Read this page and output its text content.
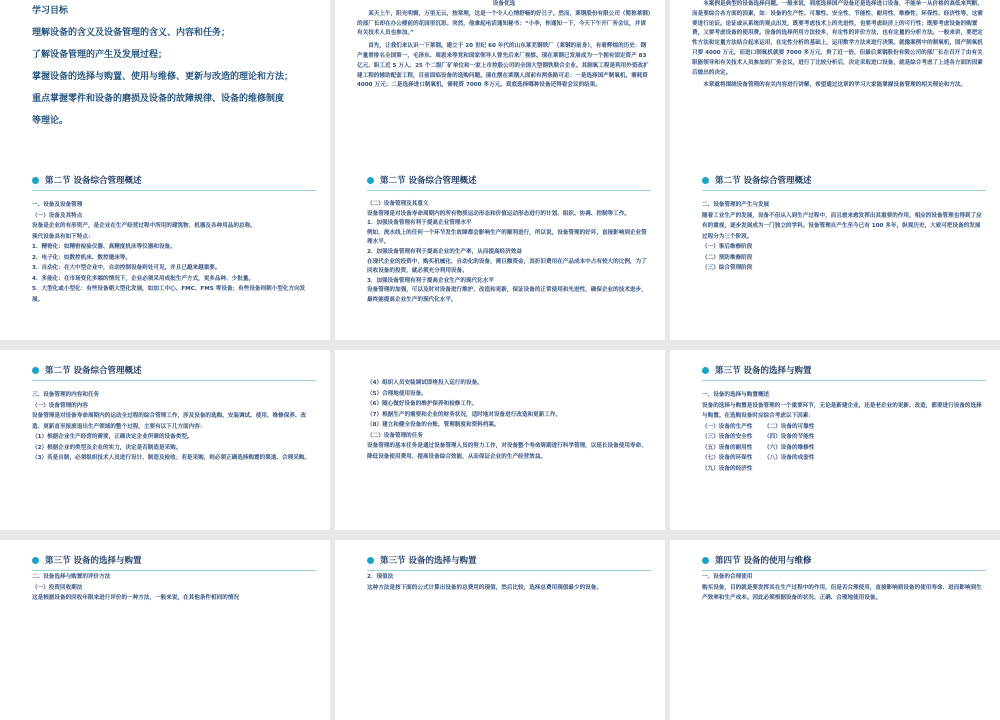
学习目标
理解设备的含义及设备管理的含义、内容和任务；
了解设备管理的产生及发展过程；
掌握设备的选择与购置、使用与维修、更新与改造的理论和方法；
重点掌握零件和设备的磨损及设备的故障规律、设备的维修制度
等理论。
设备优选

某天上午，阳光明媚，万里无云，按常理，这是一个令人心情舒畅的好日子。然而，莱钢股份有限公司（简称莱钢）的部厂长却在办公楼前的花园里沉思。突然，他拿起电话通知秘书：“小李，你通知一下，今天下午开厂务会议，并请有关技术人员也参加。”

首先，让我们来认识一下莱钢。建立于 20 世纪 60 年代的山东莱芜钢铁厂（莱钢的前身），有着辉煌的历史：钢产量曾排名全国第一，毛泽东、周恩来等党和国家领导人曾先后来厂视察。现在莱钢已发展成为一个拥有固定资产 83 亿元、职工近 5 万人、25 个二级厂矿单位和一家上市控股公司的全国大型钢铁联合企业。其制氧工程是利用外资改扩建工程的辅助配套工程，目前面临设备的选购问题。现在摆在莱钢人面前有两条路可走：一是选择国产制氧机，需耗资 4000 万元；二是选择进口制氧机，需耗资 7000 多万元。到底选择哪种设备还得看会议的结果。

本案例是典型的设备选择问题。一般来说，到底选择国产设备还是选择进口设备，不能单一从价格的高低来判断，而是要综合各方面的因素，如：设备的生产性、可靠性、安全性、节能性、耐用性、维修性、环保性、经济性等，这需要进行论证。论证或从系统的观点出发，既要考虑技术上的先进性，也要考虑经济上的可行性；既要考虑设备的购置费，又要考虑设备的使用费。设备的选择所用方法较多，有定性的评价方法，也有定量的分析方法。一般来讲，要把定性方法和定量方法结合起来运用，在定性分析的基础上，运用数学方法来进行决策。就像案例中的制氧机，国产制氧机只要 4000 万元，而进口制氧机就要 7000 多万元，贵了近一倍，但最后莱钢股份有限公司的部厂长在召开了由有关职能领导和有关技术人员参加的厂务会议，进行了比较分析后，决定采取进口设备，就是综合考虑了上述各方面的因素后做出的决定。

本章就将围绕设备管理的有关内容进行讲解，希望通过这章的学习大家能掌握设备管理的相关理论和方法。

第二节 设备综合管理概述
一、设备及设备管理
（一）设备及其特点
设备是企业的有形资产，是企业在生产经营过程中所用的建筑物、机器及各种用品的总称。
现代设备具有如下特点：
1．精密化：如精密检验仪器、高精度机床等仪器和设备。
2．电子化：如数控机床、数控遗床等。
3．自动化：在大中型企业中，自动控制设备则处可见，并且已越来越重要。
4．多能化：在市场变化多端的情况下，企业必须采用成批生产方式，更多品种、少批量。
5．大型化或小型化：有些设备朝大型化发展，如加工中心、FMC、FMS 等设备；有些设备则朝小型化方向发展。
第二节 设备综合管理概述
（二）设备管理及其意义
设备管理是对设备寿命周期内的所有物质运动形态和价值运动形态进行的计划、组织、协调、控制等工作。
1．加强设备管理有利于提高企业管理水平
例如，流水线上的任何一个环节发生故障都会影响生产的顺利进行，所以说，设备管理的好坏，直接影响到企业管理水平。
2．加强设备管理有利于提高企业的生产率，从而提高经济效益
在现代企业的投资中，购买机械化、自动化的设备，需巨额资金，其折旧费用在产品成本中占有较大的比例，为了回收设备的投资，就必须充分利用设备。
3．加强设备管理有利于提高企业生产的现代化水平
设备管理的加强，可以及时对设备进行维护、改造和更新，保证设备的正常使用和先进性，确保企业的技术进步，最终能提高企业生产的现代化水平。
第二节 设备综合管理概述
二、设备管理的产生与发展
随着工业生产的发展，设备不但从入到生产过程中，而且愈来愈发挥出其重要的作用，相应的设备管理也得到了应有的重视，逐步发展成为一门独立的学科。设备管理自产生至今已有 100 多年，纵观历史，大致可把设备的发展过程分为三个阶段。
（一）事后维修阶段
（二）预防维修阶段
（三）综合管理阶段
第二节 设备综合管理概述
三、设备管理的内容和任务
（一）设备管理的内容
设备管理是对设备寿命周期内的运动全过程的综合管理工作，涉及设备的选购、安装调试、使用、维修保养、改造、更新直至报废退出生产领域的整个过程，主要有以下几方面内容：
（1）根据企业生产经营的需要，正确决定企业所需的设备类型。
（2）根据企业的类型及企业的实力，决定是否制造是采购。
（3）若是自制，必须组织技术人员进行设计、制造及检收；若是采购，则必须正确选择购置的渠道、合理采购。
（4）组织人员安装调试即将投入运行的设备。
（5）合理地使用设备。
（6）随心做好设备的维护保养和检修工作。
（7）根据生产的需要和企业的财务状况，适时地对设备进行改造和更新工作。
（8）建立和健全设备的台账、管理制度和资料档案。
（二）设备管理的任务
设备管理的基本任务是通过设备管理人员的努力工作，对设备整个寿命周期进行科学管理，以延长设备使用寿命、降低设备使用费用、提高设备综合效能，从而保证企业的生产经营效益。
第三节 设备的选择与购置
一、设备的选择与购置概述
设备的选择与购置是设备管理的一个重要环节，无论是新建企业，还是老企业的更新、改造，都要进行设备的选择与购置。在选购设备时应综合考虑以下因素：
（一）设备的生产性	（二）设备的可靠性
（三）设备的安全性	（四）设备的节能性
（五）设备的耐用性	（六）设备的维修性
（七）设备的环保性	（八）设备的成套性
（九）设备的经济性
第三节 设备的选择与购置
二、设备选择与购置的评价方法
（一）投资回收期法
这是根据设备的回收年限来进行评价的一种方法，一般来说，在其他条件相同的情况
第三节 设备的选择与购置
2．现值法
这种方法是按下面的公式计算出设备的总费用的现值，然后比较，选择总费用现值最少的设备。
第四节 设备的使用与维修
一、设备的合理使用
购买设备，目的就是要发挥其在生产过程中的作用，但是否合理使用，直接影响到设备的使用寿命、进而影响到生产效率和生产成本。因此必须根据设备的状况、正确、合理地使用设备。
